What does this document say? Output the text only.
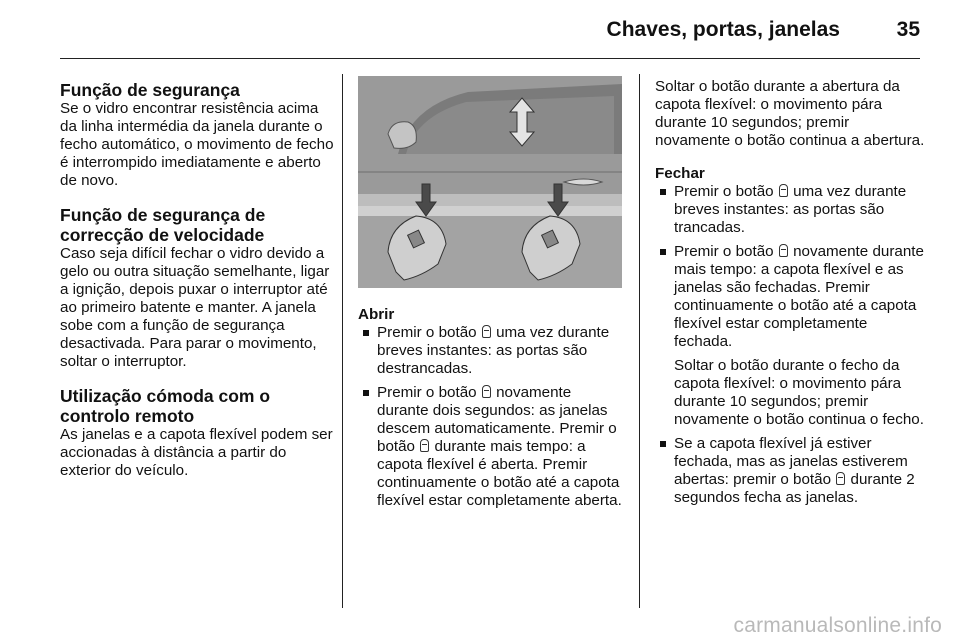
Chaves, portas, janelas	35
Função de segurança

Se o vidro encontrar resistência acima da linha intermédia da janela durante o fecho automático, o movimento de fecho é interrompido imediatamente e aberto de novo.

Função de segurança de correcção de velocidade

Caso seja difícil fechar o vidro devido a gelo ou outra situação semelhante, ligar a ignição, depois puxar o interruptor até ao primeiro batente e manter. A janela sobe com a função de segurança desactivada. Para parar o movimento, soltar o interruptor.

Utilização cómoda com o controlo remoto

As janelas e a capota flexível podem ser accionadas à distância a partir do exterior do veículo.

Abrir
Premir o botão uma vez durante breves instantes: as portas são destrancadas.
Premir o botão novamente durante dois segundos: as janelas descem automaticamente. Premir o botão durante mais tempo: a capota flexível é aberta. Premir continuamente o botão até a capota flexível estar completamente aberta.

Soltar o botão durante a abertura da capota flexível: o movimento pára durante 10 segundos; premir novamente o botão continua a abertura.

Fechar
Premir o botão uma vez durante breves instantes: as portas são trancadas.
Premir o botão novamente durante mais tempo: a capota flexível e as janelas são fechadas. Premir continuamente o botão até a capota flexível estar completamente fechada.

Soltar o botão durante o fecho da capota flexível: o movimento pára durante 10 segundos; premir novamente o botão continua o fecho.

Se a capota flexível já estiver fechada, mas as janelas estiverem abertas: premir o botão durante 2 segundos fecha as janelas.
carmanualsonline.info
